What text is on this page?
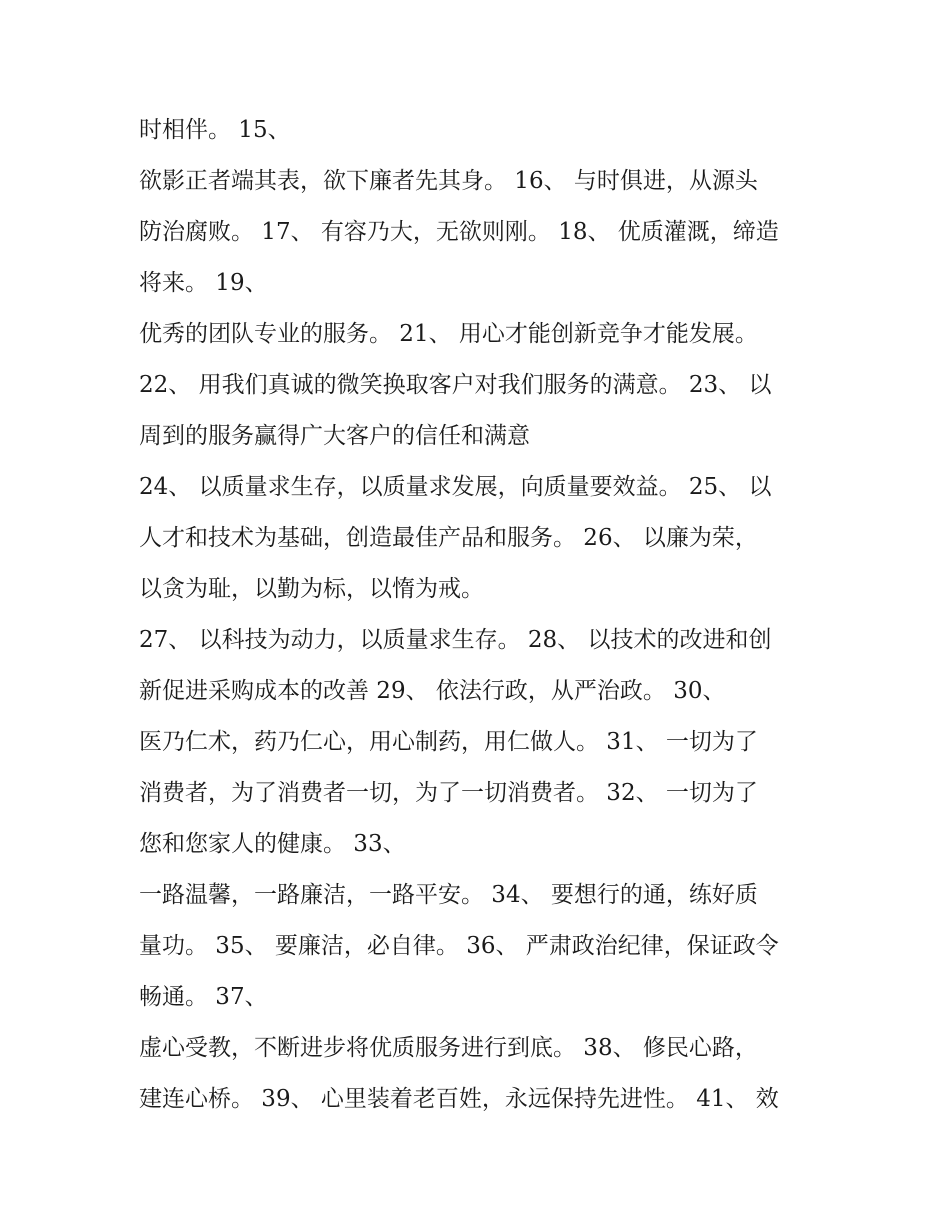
时相伴。 15、
欲影正者端其表，欲下廉者先其身。 16、 与时俱进，从源头
防治腐败。 17、 有容乃大，无欲则刚。 18、 优质灌溉，缔造
将来。 19、
优秀的团队专业的服务。 21、 用心才能创新竞争才能发展。
22、 用我们真诚的微笑换取客户对我们服务的满意。 23、 以
周到的服务赢得广大客户的信任和满意
24、 以质量求生存，以质量求发展，向质量要效益。 25、 以
人才和技术为基础，创造最佳产品和服务。 26、 以廉为荣，
以贪为耻，以勤为标，以惰为戒。
27、 以科技为动力，以质量求生存。 28、 以技术的改进和创
新促进采购成本的改善 29、 依法行政，从严治政。 30、
医乃仁术，药乃仁心，用心制药，用仁做人。 31、 一切为了
消费者，为了消费者一切，为了一切消费者。 32、 一切为了
您和您家人的健康。 33、
一路温馨，一路廉洁，一路平安。 34、 要想行的通，练好质
量功。 35、 要廉洁，必自律。 36、 严肃政治纪律，保证政令
畅通。 37、
虚心受教，不断进步将优质服务进行到底。 38、 修民心路，
建连心桥。 39、 心里装着老百姓，永远保持先进性。 41、 效
